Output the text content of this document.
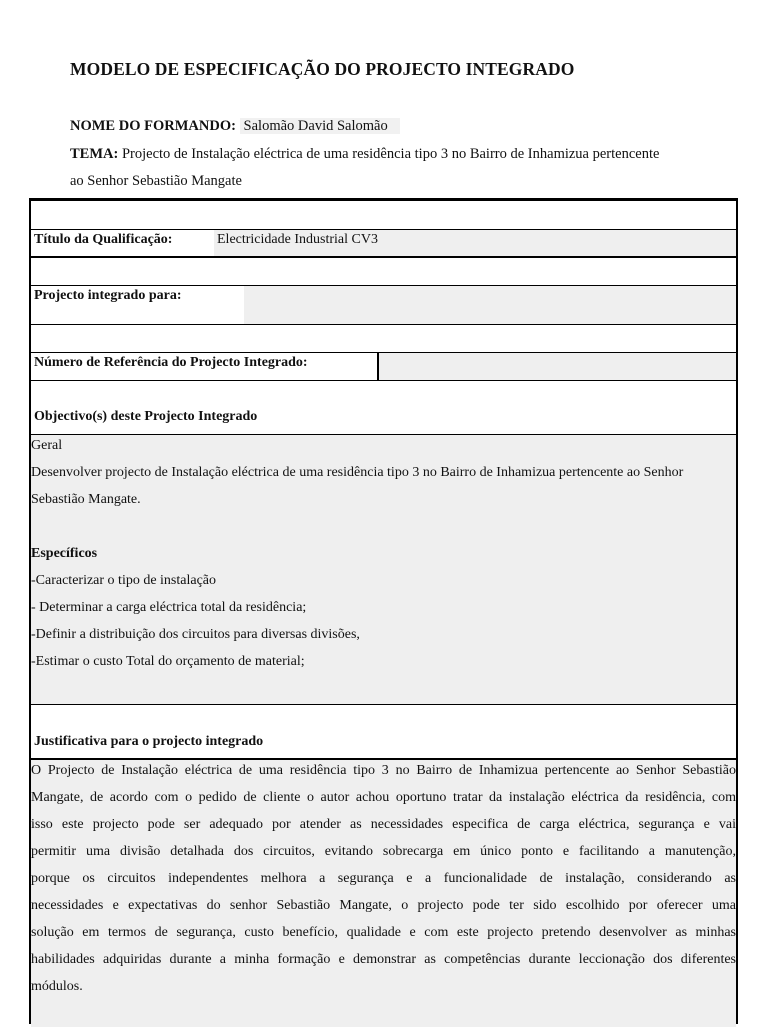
MODELO DE ESPECIFICAÇÃO DO PROJECTO INTEGRADO
NOME DO FORMANDO: Salomão David Salomão
TEMA: Projecto de Instalação eléctrica de uma residência tipo 3 no Bairro de Inhamizua pertencente
ao Senhor Sebastião Mangate
Título da Qualificação:	Electricidade Industrial CV3
Projecto integrado para:
Número de Referência do Projecto Integrado:
Objectivo(s) deste Projecto Integrado
Geral
Desenvolver projecto de Instalação eléctrica de uma residência tipo 3 no Bairro de Inhamizua pertencente ao Senhor
Sebastião Mangate.
Específicos
-Caracterizar o tipo de instalação
- Determinar a carga eléctrica total da residência;
-Definir a distribuição dos circuitos para diversas divisões,
-Estimar o custo Total do orçamento de material;
Justificativa para o projecto integrado
O Projecto de Instalação eléctrica de uma residência tipo 3 no Bairro de Inhamizua pertencente ao Senhor Sebastião
Mangate, de acordo com o pedido de cliente o autor achou oportuno tratar da instalação eléctrica da residência, com
isso este projecto pode ser adequado por atender as necessidades especifica de carga eléctrica, segurança e vai
permitir uma divisão detalhada dos circuitos, evitando sobrecarga em único ponto e facilitando a manutenção,
porque os circuitos independentes melhora a segurança e a funcionalidade de instalação, considerando as
necessidades e expectativas do senhor Sebastião Mangate, o projecto pode ter sido escolhido por oferecer uma
solução em termos de segurança, custo benefício, qualidade e com este projecto pretendo desenvolver as minhas
habilidades adquiridas durante a minha formação e demonstrar as competências durante leccionação dos diferentes
módulos.
